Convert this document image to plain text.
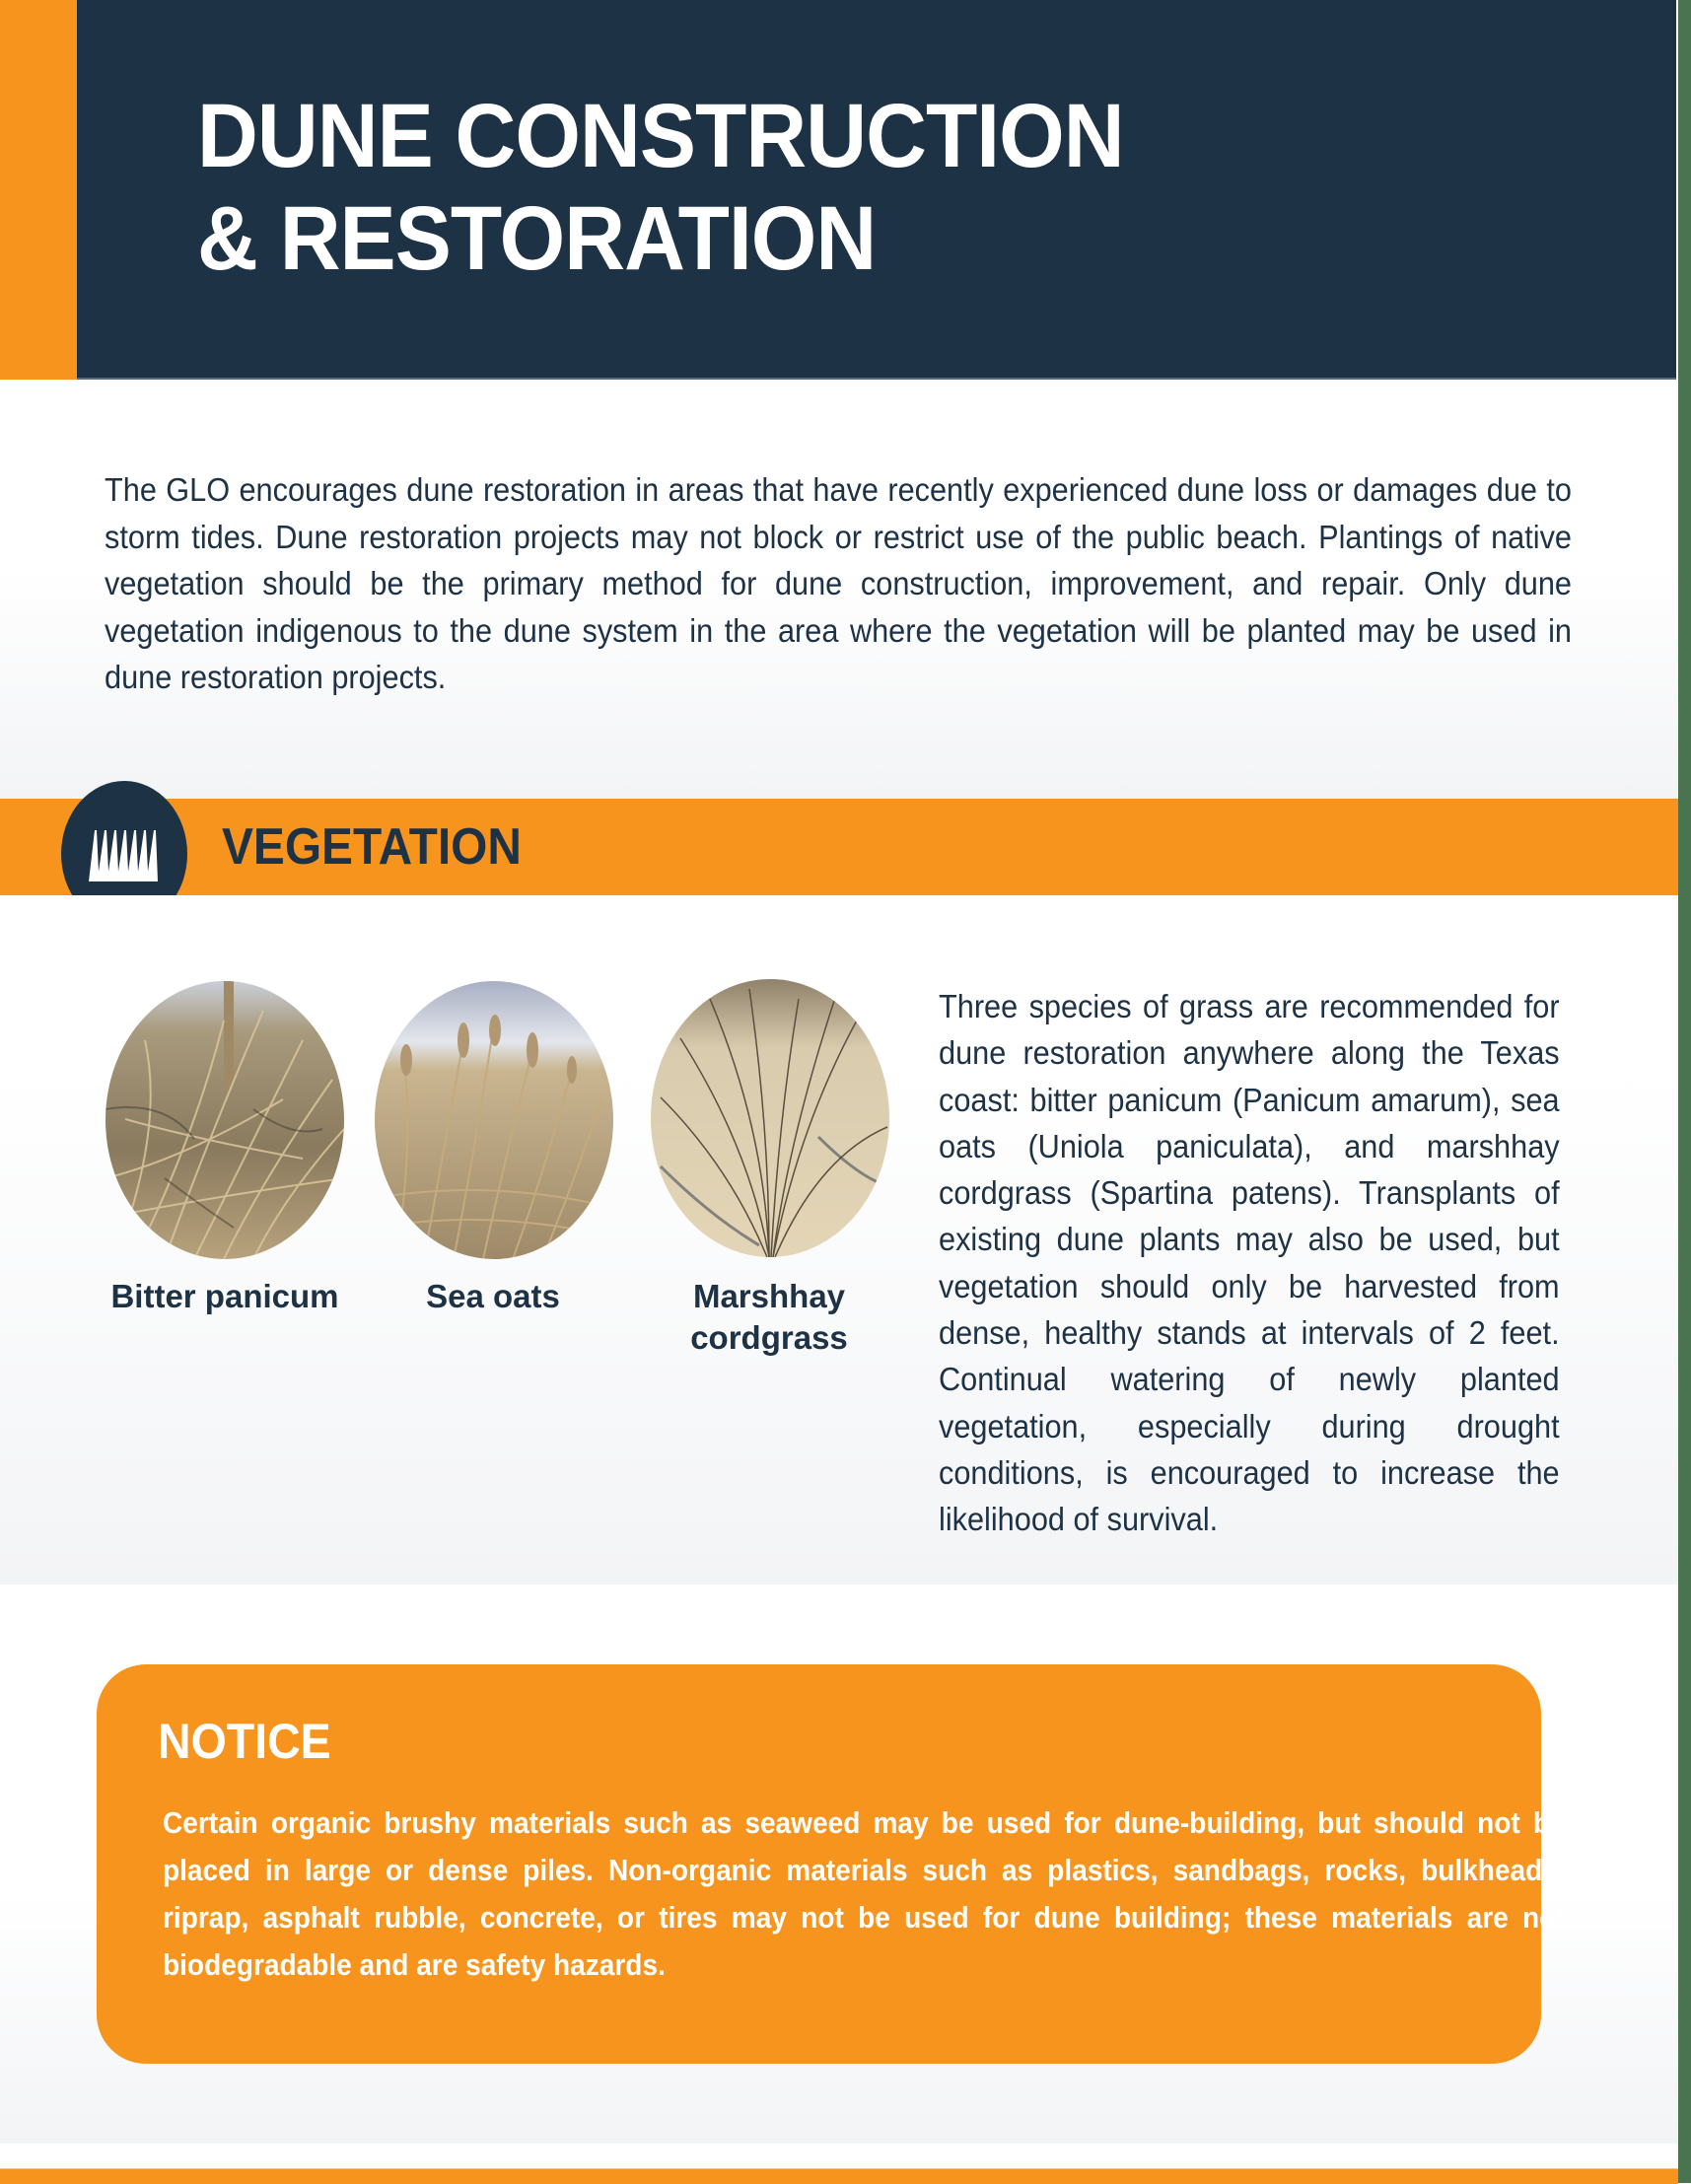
DUNE CONSTRUCTION
& RESTORATION

The GLO encourages dune restoration in areas that have recently experienced dune loss or damages due to storm tides. Dune restoration projects may not block or restrict use of the public beach. Plantings of native vegetation should be the primary method for dune construction, improvement, and repair. Only dune vegetation indigenous to the dune system in the area where the vegetation will be planted may be used in dune restoration projects.

VEGETATION

Bitter panicum	Sea oats	Marshhay
cordgrass

Three species of grass are recommended for dune restoration anywhere along the Texas coast: bitter panicum (Panicum amarum), sea oats (Uniola paniculata), and marshhay cordgrass (Spartina patens). Transplants of existing dune plants may also be used, but vegetation should only be harvested from dense, healthy stands at intervals of 2 feet. Continual watering of newly planted vegetation, especially during drought conditions, is encouraged to increase the likelihood of survival.

NOTICE

Certain organic brushy materials such as seaweed may be used for dune-building, but should not be placed in large or dense piles. Non-organic materials such as plastics, sandbags, rocks, bulkheads, riprap, asphalt rubble, concrete, or tires may not be used for dune building; these materials are not biodegradable and are safety hazards.
